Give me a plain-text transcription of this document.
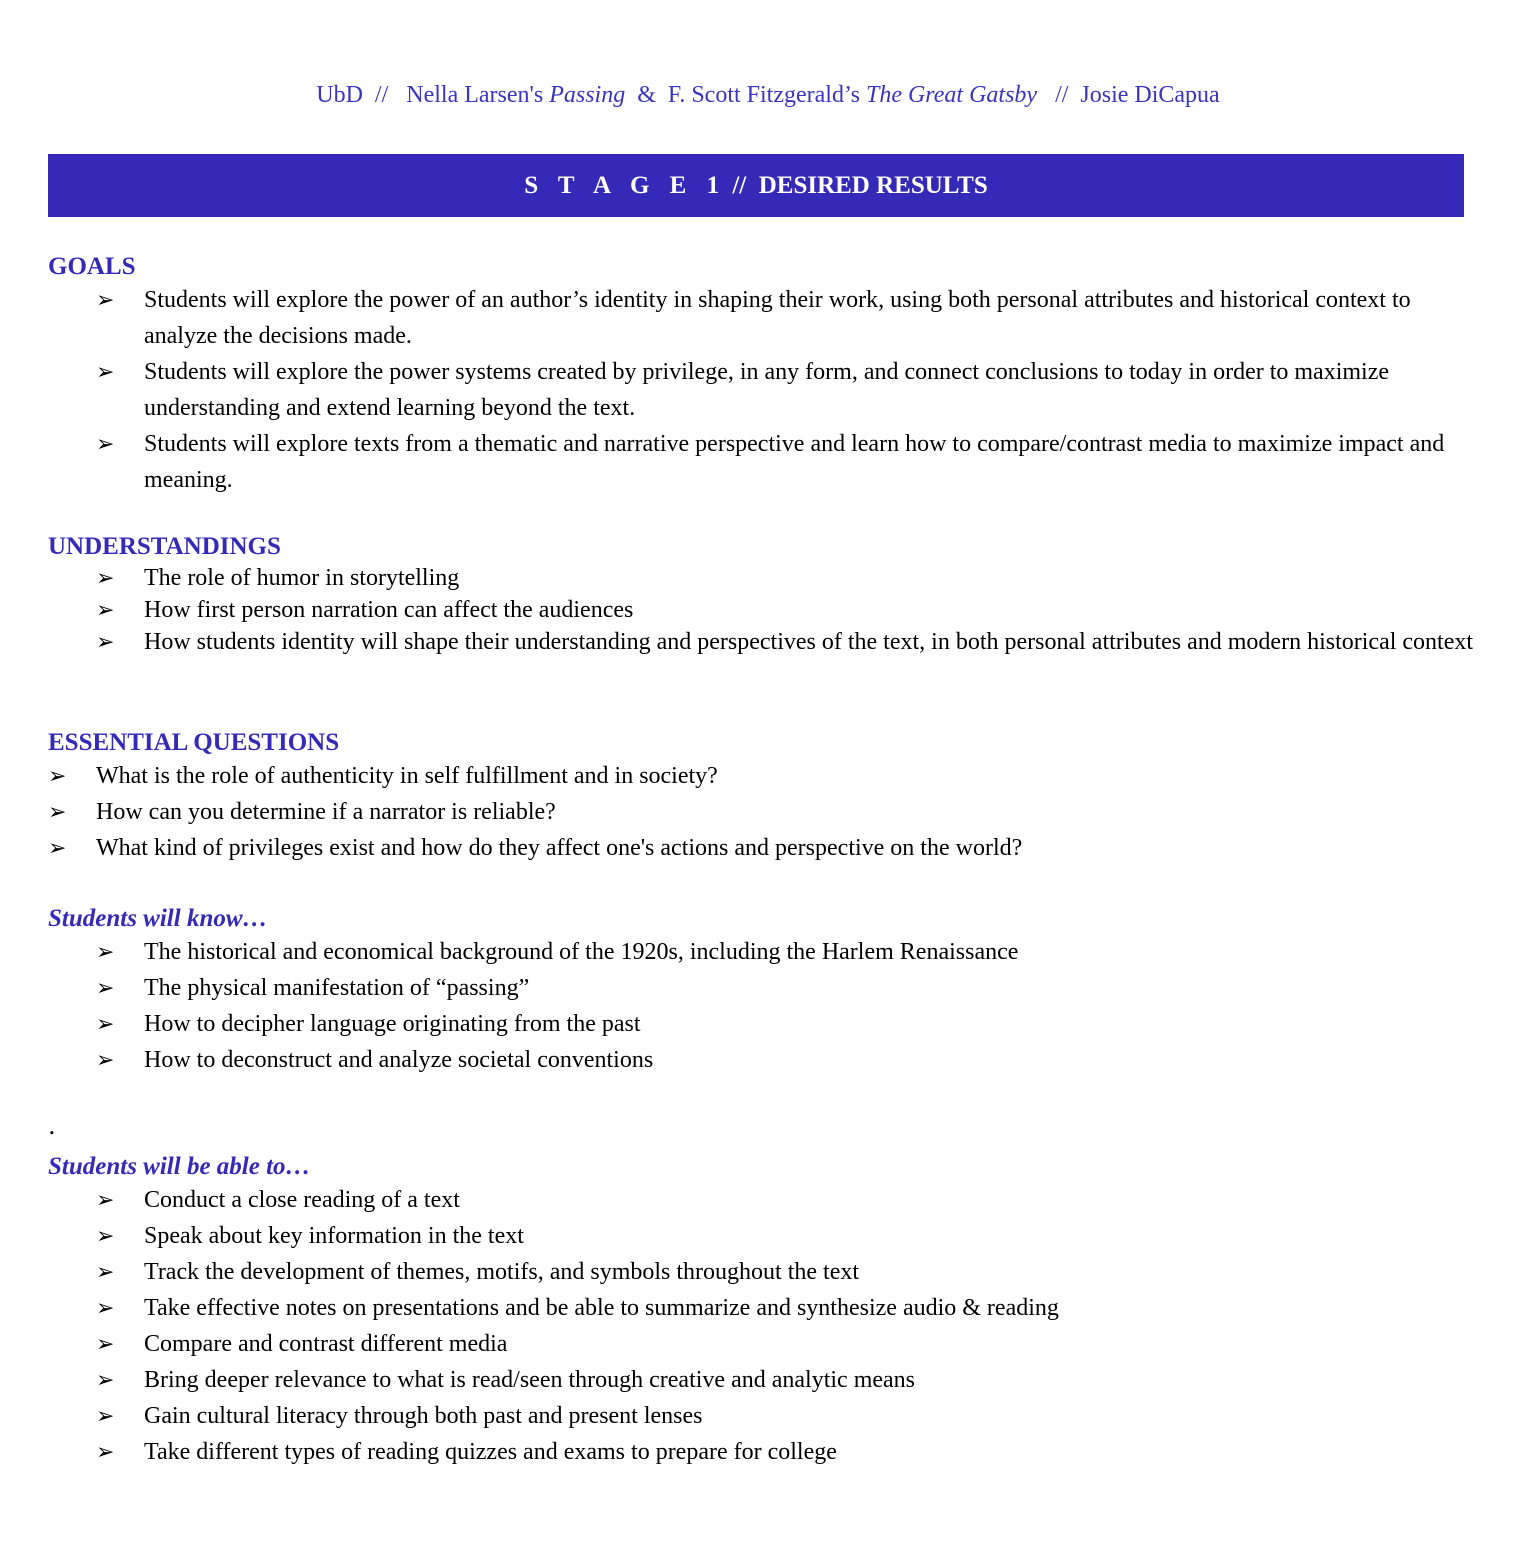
UbD  //   Nella Larsen's Passing  &  F. Scott Fitzgerald’s The Great Gatsby   //  Josie DiCapua
S T A G E 1 //  DESIRED RESULTS
GOALS
➢ Students will explore the power of an author’s identity in shaping their work, using both personal attributes and historical context to analyze the decisions made.
➢ Students will explore the power systems created by privilege, in any form, and connect conclusions to today in order to maximize understanding and extend learning beyond the text.
➢ Students will explore texts from a thematic and narrative perspective and learn how to compare/contrast media to maximize impact and meaning.
UNDERSTANDINGS
➢ The role of humor in storytelling
➢ How first person narration can affect the audiences
➢ How students identity will shape their understanding and perspectives of the text, in both personal attributes and modern historical context
ESSENTIAL QUESTIONS
➢ What is the role of authenticity in self fulfillment and in society?
➢ How can you determine if a narrator is reliable?
➢ What kind of privileges exist and how do they affect one's actions and perspective on the world?
Students will know…
➢ The historical and economical background of the 1920s, including the Harlem Renaissance
➢ The physical manifestation of “passing”
➢ How to decipher language originating from the past
➢ How to deconstruct and analyze societal conventions
.
Students will be able to…
➢ Conduct a close reading of a text
➢ Speak about key information in the text
➢ Track the development of themes, motifs, and symbols throughout the text
➢ Take effective notes on presentations and be able to summarize and synthesize audio & reading
➢ Compare and contrast different media
➢ Bring deeper relevance to what is read/seen through creative and analytic means
➢ Gain cultural literacy through both past and present lenses
➢ Take different types of reading quizzes and exams to prepare for college
